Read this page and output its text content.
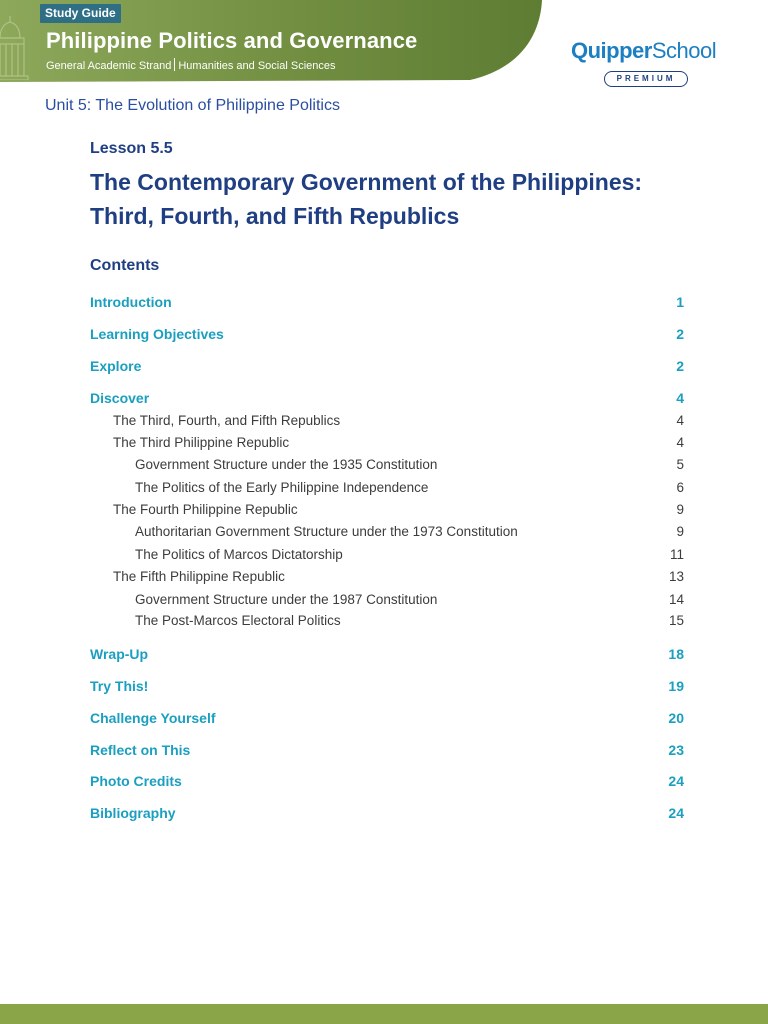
Study Guide
Philippine Politics and Governance
General Academic Strand Humanities and Social Sciences
QuipperSchool
PREMIUM
Unit 5: The Evolution of Philippine Politics
Lesson 5.5
The Contemporary Government of the Philippines:
Third, Fourth, and Fifth Republics
Contents
Introduction	1
Learning Objectives	2
Explore	2
Discover	4
The Third, Fourth, and Fifth Republics	4
The Third Philippine Republic	4
Government Structure under the 1935 Constitution	5
The Politics of the Early Philippine Independence	6
The Fourth Philippine Republic	9
Authoritarian Government Structure under the 1973 Constitution	9
The Politics of Marcos Dictatorship	11
The Fifth Philippine Republic	13
Government Structure under the 1987 Constitution	14
The Post-Marcos Electoral Politics	15
Wrap-Up	18
Try This!	19
Challenge Yourself	20
Reflect on This	23
Photo Credits	24
Bibliography	24
